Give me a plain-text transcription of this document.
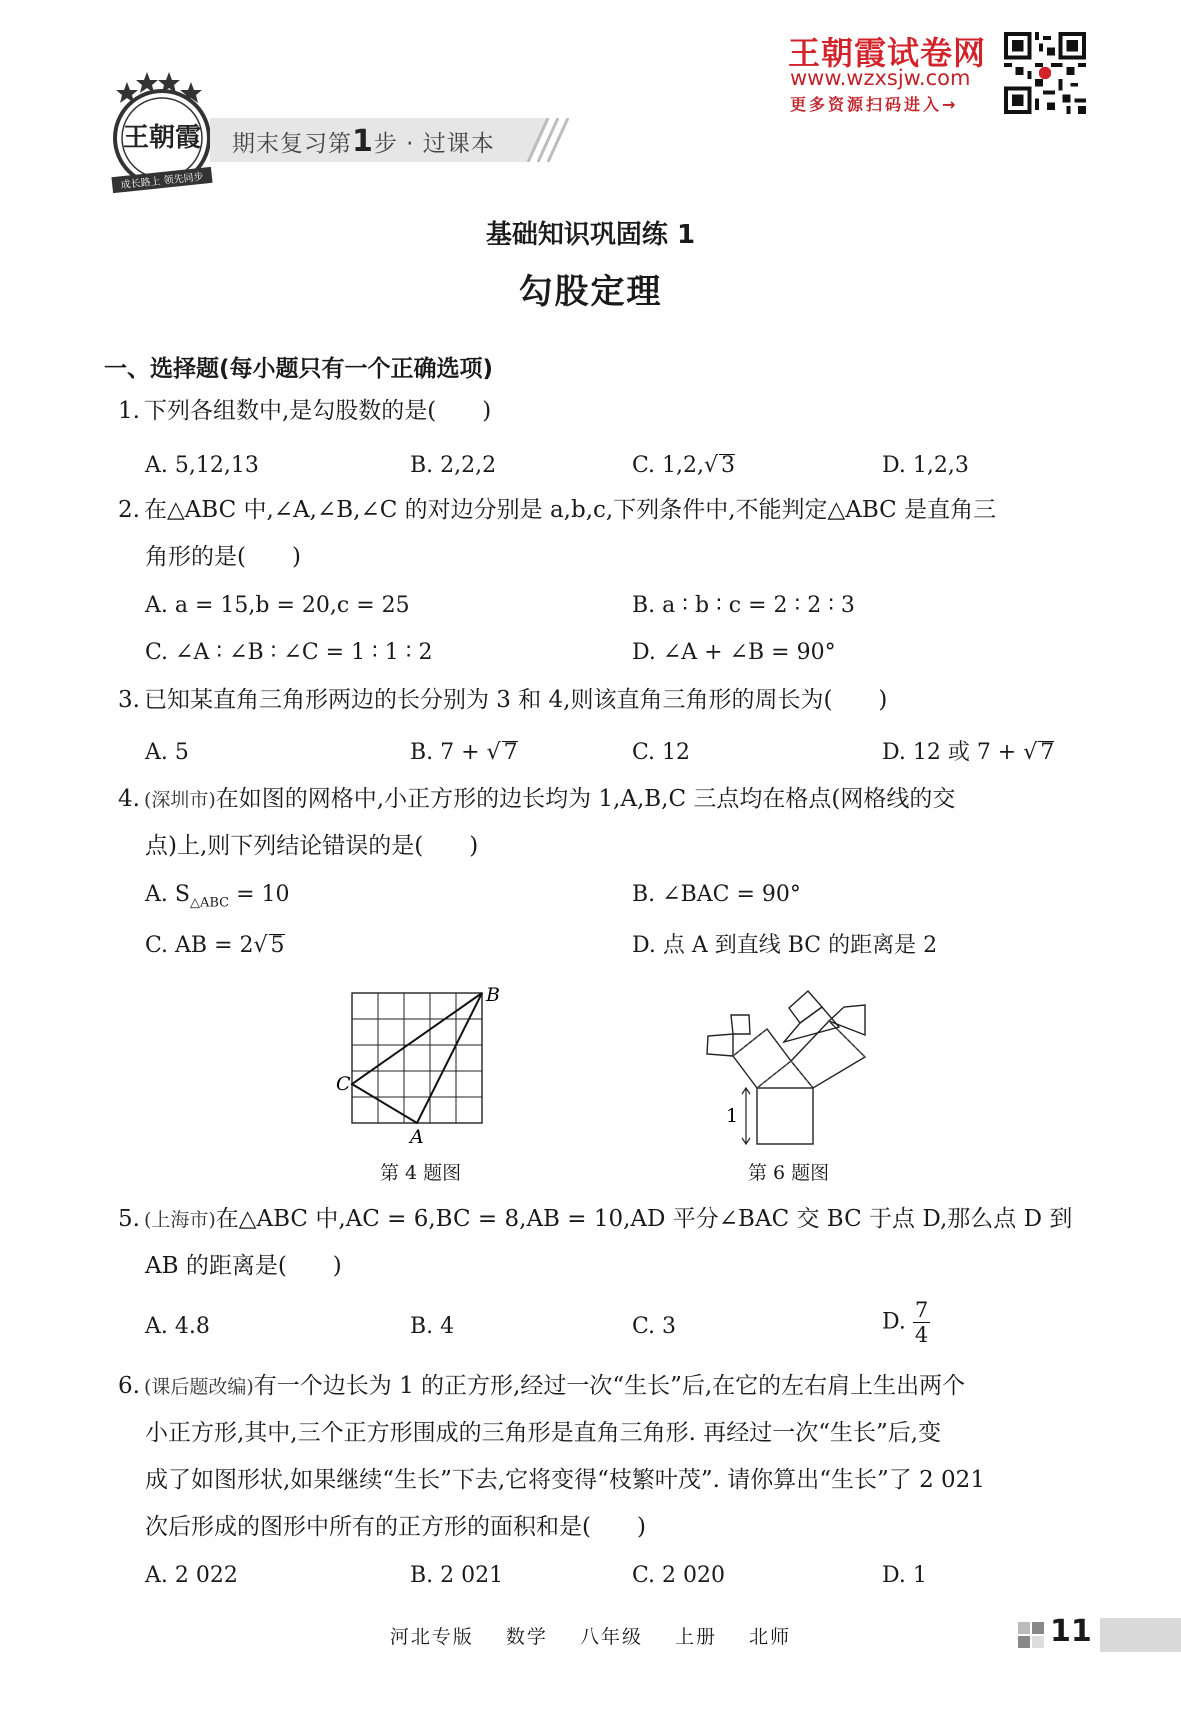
王朝霞
成长路上 领先同步
期末复习第1步 · 过课本
王朝霞试卷网
www.wzxsjw.com
更多资源扫码进入→
基础知识巩固练 1
勾股定理
一、选择题(每小题只有一个正确选项)
1. 下列各组数中,是勾股数的是(　　)
A. 5,12,13	B. 2,2,2	C. 1,2,√ 3	D. 1,2,3
2. 在△ABC 中,∠A,∠B,∠C 的对边分别是 a,b,c,下列条件中,不能判定△ABC 是直角三
角形的是(　　)
A. a = 15,b = 20,c = 25	B. a ∶ b ∶ c = 2 ∶ 2 ∶ 3
C. ∠A ∶ ∠B ∶ ∠C = 1 ∶ 1 ∶ 2	D. ∠A + ∠B = 90°
3. 已知某直角三角形两边的长分别为 3 和 4,则该直角三角形的周长为(　　)
A. 5	B. 7 + √ 7	C. 12	D. 12 或 7 + √ 7
4. (深圳市)在如图的网格中,小正方形的边长均为 1,A,B,C 三点均在格点(网格线的交
点)上,则下列结论错误的是(　　)
A. $S_{\triangle ABC} = 10$	B. ∠BAC = 90°
C. AB = 2√ 5	D. 点 A 到直线 BC 的距离是 2
B
C
A
第 4 题图
1
第 6 题图
5. (上海市)在△ABC 中,AC = 6,BC = 8,AB = 10,AD 平分∠BAC 交 BC 于点 D,那么点 D 到
AB 的距离是(　　)
A. 4.8	B. 4	C. 3	D. $\frac{7}{4}$
6. (课后题改编)有一个边长为 1 的正方形,经过一次“生长”后,在它的左右肩上生出两个
小正方形,其中,三个正方形围成的三角形是直角三角形. 再经过一次“生长”后,变
成了如图形状,如果继续“生长”下去,它将变得“枝繁叶茂”. 请你算出“生长”了 2 021
次后形成的图形中所有的正方形的面积和是(　　)
A. 2 022	B. 2 021	C. 2 020	D. 1
河北专版 数学 八年级 上册 北师	11
